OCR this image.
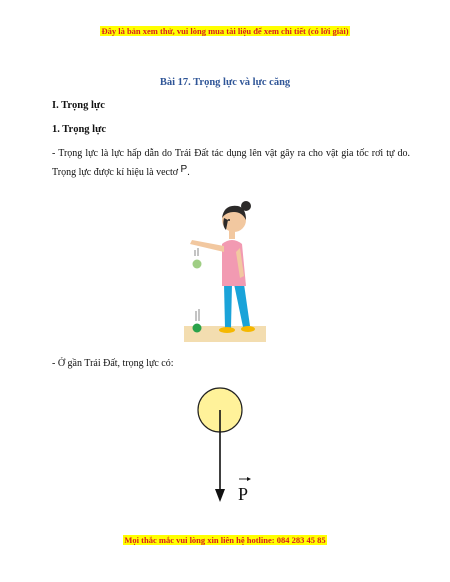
Đây là bản xem thử, vui lòng mua tài liệu để xem chi tiết (có lời giải)
Bài 17. Trọng lực và lực căng
I. Trọng lực
1. Trọng lực
- Trọng lực là lực hấp dẫn do Trái Đất tác dụng lên vật gây ra cho vật gia tốc rơi tự do. Trọng lực được kí hiệu là vectơ P.
- Ở gần Trái Đất, trọng lực có:
P
Mọi thắc mắc vui lòng xin liên hệ hotline: 084 283 45 85
